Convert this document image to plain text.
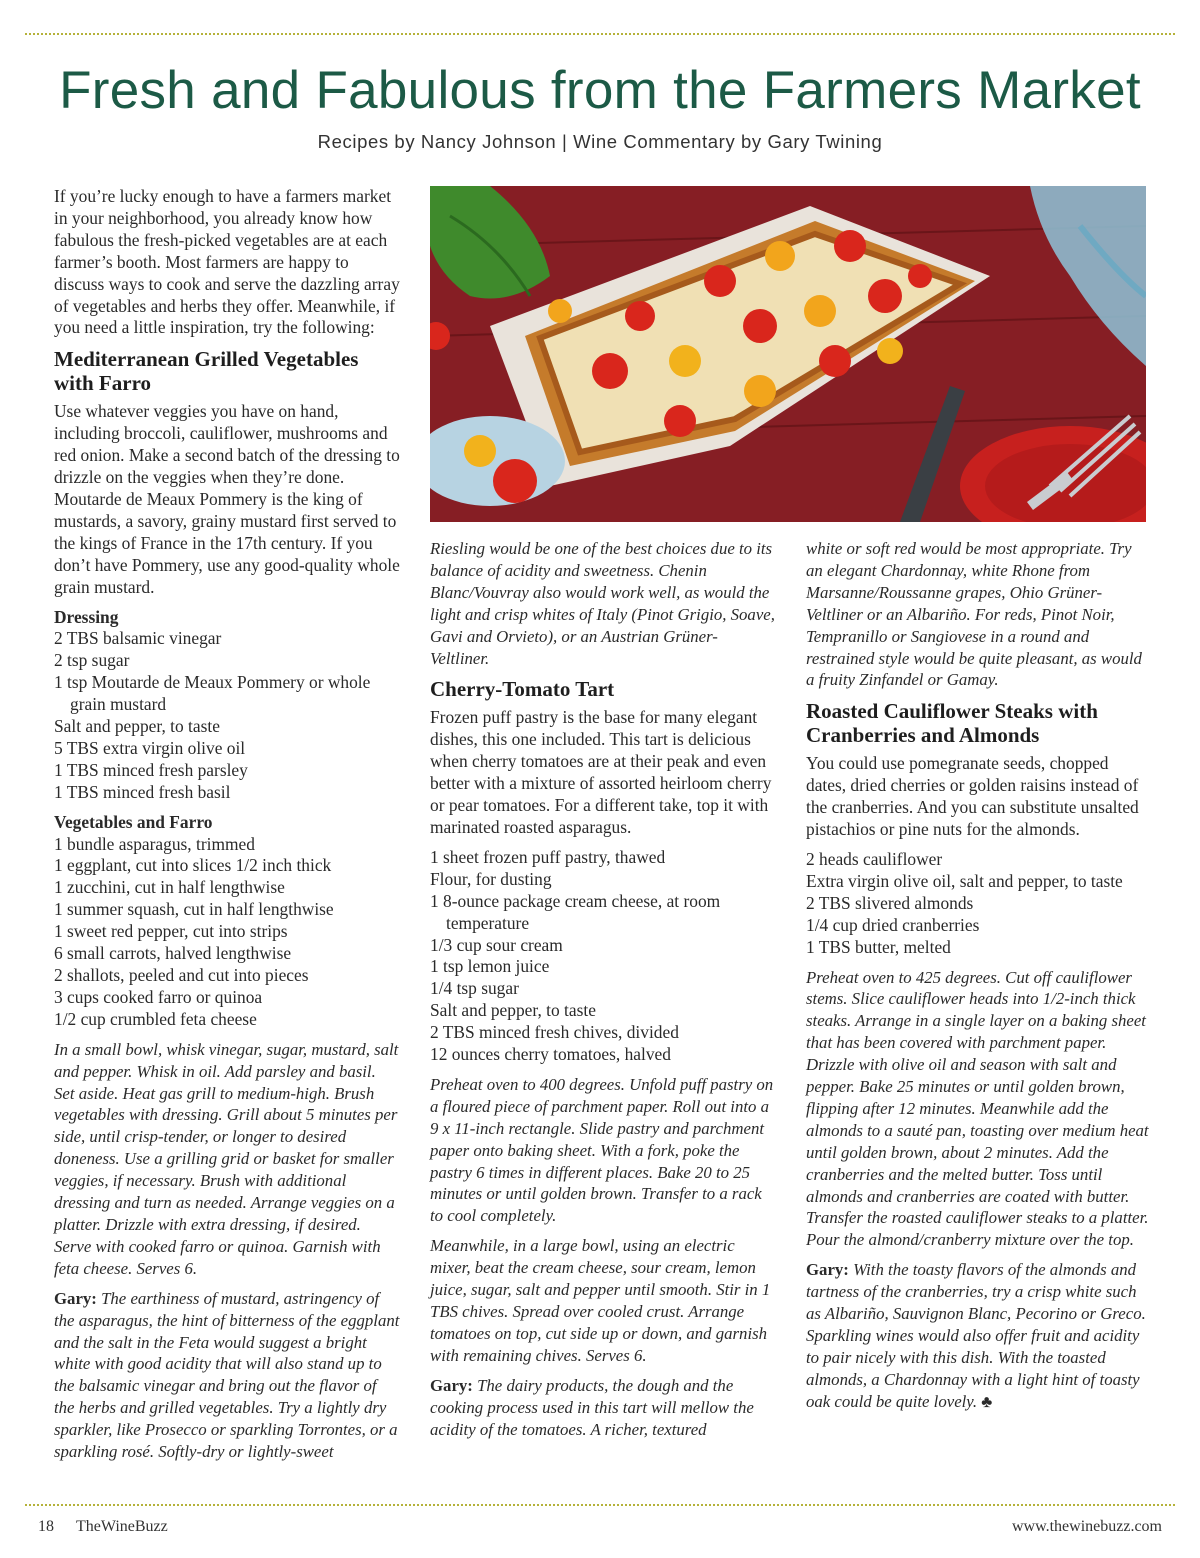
Fresh and Fabulous from the Farmers Market
Recipes by Nancy Johnson | Wine Commentary by Gary Twining

If you’re lucky enough to have a farmers market in your neighborhood, you already know how fabulous the fresh-picked vegetables are at each farmer’s booth. Most farmers are happy to discuss ways to cook and serve the dazzling array of vegetables and herbs they offer. Meanwhile, if you need a little inspiration, try the following:

Mediterranean Grilled Vegetables with Farro

Use whatever veggies you have on hand, including broccoli, cauliflower, mushrooms and red onion. Make a second batch of the dressing to drizzle on the veggies when they’re done. Moutarde de Meaux Pommery is the king of mustards, a savory, grainy mustard first served to the kings of France in the 17th century. If you don’t have Pommery, use any good-quality whole grain mustard.

Dressing
2 TBS balsamic vinegar
2 tsp sugar
1 tsp Moutarde de Meaux Pommery or whole grain mustard
Salt and pepper, to taste
5 TBS extra virgin olive oil
1 TBS minced fresh parsley
1 TBS minced fresh basil
Vegetables and Farro
1 bundle asparagus, trimmed
1 eggplant, cut into slices 1/2 inch thick
1 zucchini, cut in half lengthwise
1 summer squash, cut in half lengthwise
1 sweet red pepper, cut into strips
6 small carrots, halved lengthwise
2 shallots, peeled and cut into pieces
3 cups cooked farro or quinoa
1/2 cup crumbled feta cheese

In a small bowl, whisk vinegar, sugar, mustard, salt and pepper. Whisk in oil. Add parsley and basil. Set aside. Heat gas grill to medium-high. Brush vegetables with dressing. Grill about 5 minutes per side, until crisp-tender, or longer to desired doneness. Use a grilling grid or basket for smaller veggies, if necessary. Brush with additional dressing and turn as needed. Arrange veggies on a platter. Drizzle with extra dressing, if desired. Serve with cooked farro or quinoa. Garnish with feta cheese. Serves 6.

Gary: The earthiness of mustard, astringency of the asparagus, the hint of bitterness of the eggplant and the salt in the Feta would suggest a bright white with good acidity that will also stand up to the balsamic vinegar and bring out the flavor of the herbs and grilled vegetables. Try a lightly dry sparkler, like Prosecco or sparkling Torrontes, or a sparkling rosé. Softly-dry or lightly-sweet

Riesling would be one of the best choices due to its balance of acidity and sweetness. Chenin Blanc/Vouvray also would work well, as would the light and crisp whites of Italy (Pinot Grigio, Soave, Gavi and Orvieto), or an Austrian Grüner-Veltliner.

Cherry-Tomato Tart

Frozen puff pastry is the base for many elegant dishes, this one included. This tart is delicious when cherry tomatoes are at their peak and even better with a mixture of assorted heirloom cherry or pear tomatoes. For a different take, top it with marinated roasted asparagus.

1 sheet frozen puff pastry, thawed
Flour, for dusting
1 8-ounce package cream cheese, at room temperature
1/3 cup sour cream
1 tsp lemon juice
1/4 tsp sugar
Salt and pepper, to taste
2 TBS minced fresh chives, divided
12 ounces cherry tomatoes, halved

Preheat oven to 400 degrees. Unfold puff pastry on a floured piece of parchment paper. Roll out into a 9 x 11-inch rectangle. Slide pastry and parchment paper onto baking sheet. With a fork, poke the pastry 6 times in different places. Bake 20 to 25 minutes or until golden brown. Transfer to a rack to cool completely.

Meanwhile, in a large bowl, using an electric mixer, beat the cream cheese, sour cream, lemon juice, sugar, salt and pepper until smooth. Stir in 1 TBS chives. Spread over cooled crust. Arrange tomatoes on top, cut side up or down, and garnish with remaining chives. Serves 6.

Gary: The dairy products, the dough and the cooking process used in this tart will mellow the acidity of the tomatoes. A richer, textured

white or soft red would be most appropriate. Try an elegant Chardonnay, white Rhone from Marsanne/Roussanne grapes, Ohio Grüner-Veltliner or an Albariño. For reds, Pinot Noir, Tempranillo or Sangiovese in a round and restrained style would be quite pleasant, as would a fruity Zinfandel or Gamay.

Roasted Cauliflower Steaks with Cranberries and Almonds

You could use pomegranate seeds, chopped dates, dried cherries or golden raisins instead of the cranberries. And you can substitute unsalted pistachios or pine nuts for the almonds.

2 heads cauliflower
Extra virgin olive oil, salt and pepper, to taste
2 TBS slivered almonds
1/4 cup dried cranberries
1 TBS butter, melted

Preheat oven to 425 degrees. Cut off cauliflower stems. Slice cauliflower heads into 1/2-inch thick steaks. Arrange in a single layer on a baking sheet that has been covered with parchment paper. Drizzle with olive oil and season with salt and pepper. Bake 25 minutes or until golden brown, flipping after 12 minutes. Meanwhile add the almonds to a sauté pan, toasting over medium heat until golden brown, about 2 minutes. Add the cranberries and the melted butter. Toss until almonds and cranberries are coated with butter. Transfer the roasted cauliflower steaks to a platter. Pour the almond/cranberry mixture over the top.

Gary: With the toasty flavors of the almonds and tartness of the cranberries, try a crisp white such as Albariño, Sauvignon Blanc, Pecorino or Greco. Sparkling wines would also offer fruit and acidity to pair nicely with this dish. With the toasted almonds, a Chardonnay with a light hint of toasty oak could be quite lovely. ♣

18 TheWineBuzz	www.thewinebuzz.com
